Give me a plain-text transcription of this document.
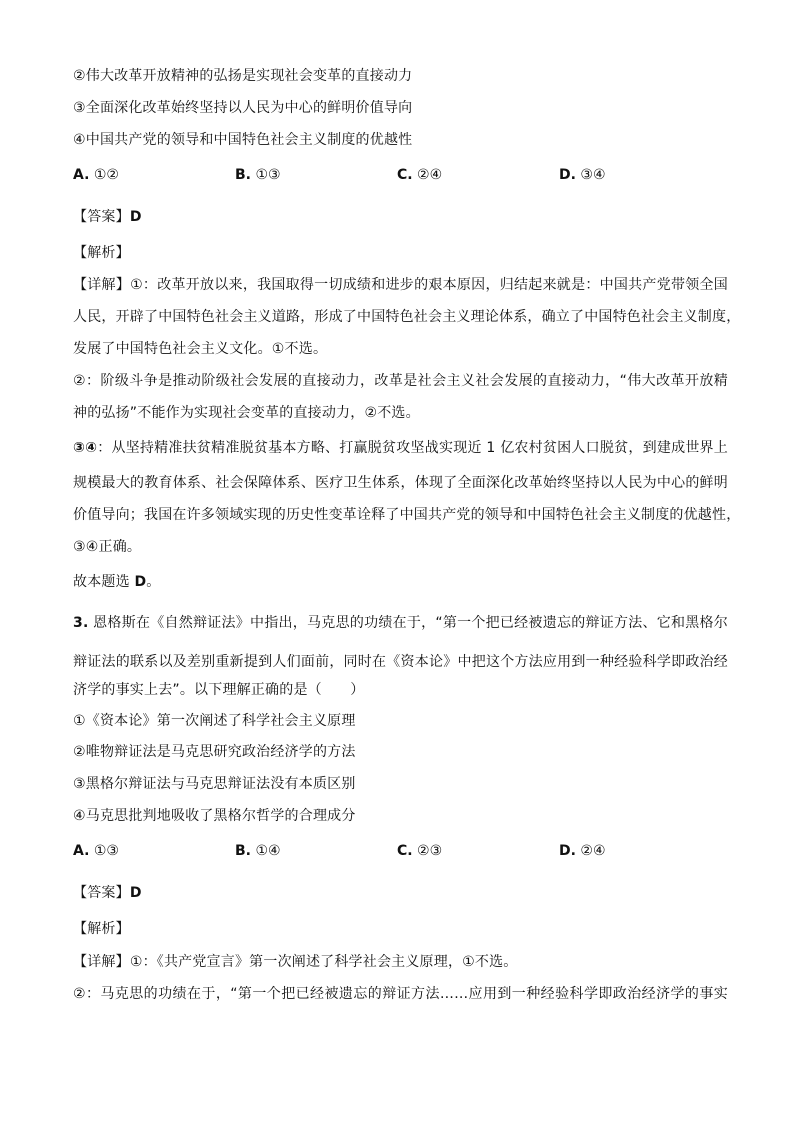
②伟大改革开放精神的弘扬是实现社会变革的直接动力
③全面深化改革始终坚持以人民为中心的鲜明价值导向
④中国共产党的领导和中国特色社会主义制度的优越性
A. ①②	B. ①③	C. ②④	D. ③④
【答案】D
【解析】
【详解】①：改革开放以来，我国取得一切成绩和进步的艰本原因，归结起来就是：中国共产党带领全国
人民，开辟了中国特色社会主义道路，形成了中国特色社会主义理论体系，确立了中国特色社会主义制度，
发展了中国特色社会主义文化。①不选。
②：阶级斗争是推动阶级社会发展的直接动力，改革是社会主义社会发展的直接动力，“伟大改革开放精
神的弘扬”不能作为实现社会变革的直接动力，②不选。
③④：从坚持精准扶贫精准脱贫基本方略、打赢脱贫攻坚战实现近 1 亿农村贫困人口脱贫，到建成世界上
规模最大的教育体系、社会保障体系、医疗卫生体系，体现了全面深化改革始终坚持以人民为中心的鲜明
价值导向；我国在许多领域实现的历史性变革诠释了中国共产党的领导和中国特色社会主义制度的优越性，
③④正确。
故本题选 D。
3. 恩格斯在《自然辩证法》中指出，马克思的功绩在于，“第一个把已经被遗忘的辩证方法、它和黑格尔
辩证法的联系以及差别重新提到人们面前，同时在《资本论》中把这个方法应用到一种经验科学即政治经
济学的事实上去”。以下理解正确的是（　　）
①《资本论》第一次阐述了科学社会主义原理
②唯物辩证法是马克思研究政治经济学的方法
③黑格尔辩证法与马克思辩证法没有本质区别
④马克思批判地吸收了黑格尔哲学的合理成分
A. ①③	B. ①④	C. ②③	D. ②④
【答案】D
【解析】
【详解】①：《共产党宣言》第一次阐述了科学社会主义原理，①不选。
②：马克思的功绩在于，“第一个把已经被遗忘的辩证方法……应用到一种经验科学即政治经济学的事实
